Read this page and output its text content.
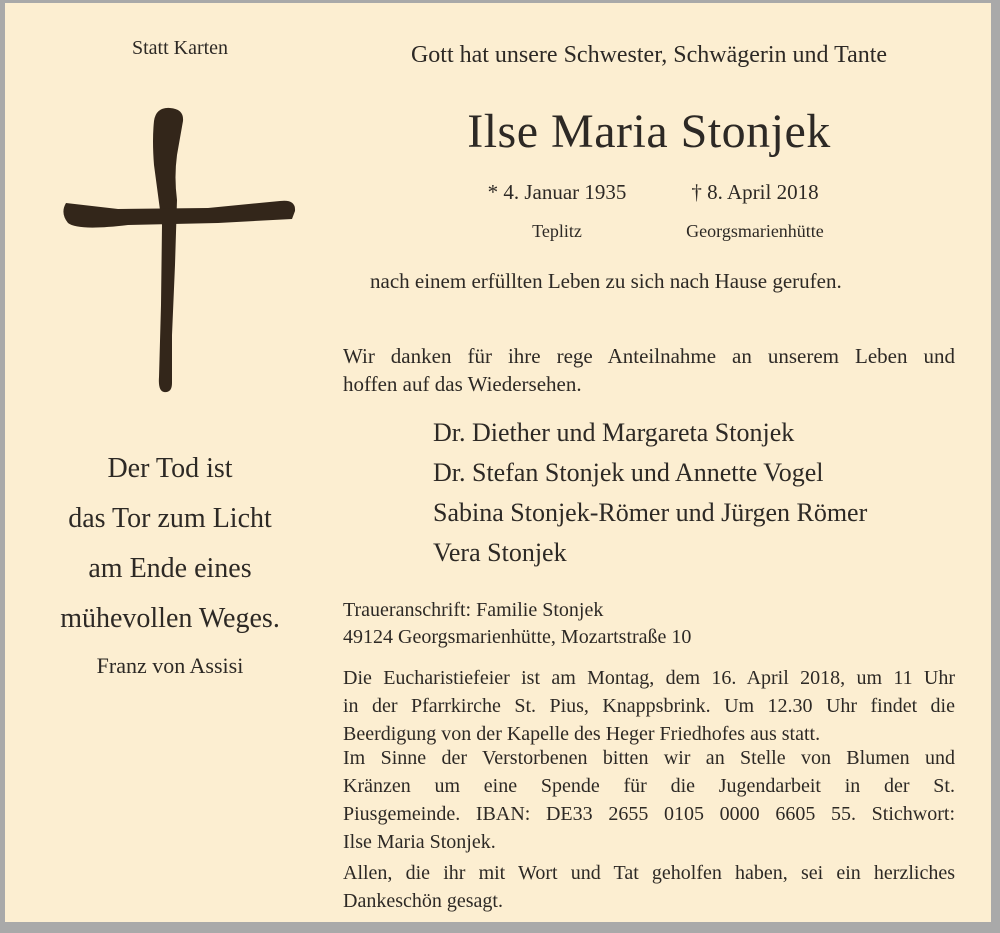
Statt Karten
Der Tod ist
das Tor zum Licht
am Ende eines
mühevollen Weges.
Franz von Assisi
Gott hat unsere Schwester, Schwägerin und Tante
Ilse Maria Stonjek
* 4. Januar 1935	† 8. April 2018
Teplitz	Georgsmarienhütte
nach einem erfüllten Leben zu sich nach Hause gerufen.
Wir danken für ihre rege Anteilnahme an unserem Leben und
hoffen auf das Wiedersehen.
Dr. Diether und Margareta Stonjek
Dr. Stefan Stonjek und Annette Vogel
Sabina Stonjek-Römer und Jürgen Römer
Vera Stonjek
Traueranschrift: Familie Stonjek
49124 Georgsmarienhütte, Mozartstraße 10
Die Eucharistiefeier ist am Montag, dem 16. April 2018, um 11 Uhr
in der Pfarrkirche St. Pius, Knappsbrink. Um 12.30 Uhr findet die
Beerdigung von der Kapelle des Heger Friedhofes aus statt.
Im Sinne der Verstorbenen bitten wir an Stelle von Blumen und
Kränzen um eine Spende für die Jugendarbeit in der St.
Piusgemeinde. IBAN: DE33 2655 0105 0000 6605 55. Stichwort:
Ilse Maria Stonjek.
Allen, die ihr mit Wort und Tat geholfen haben, sei ein herzliches
Dankeschön gesagt.
